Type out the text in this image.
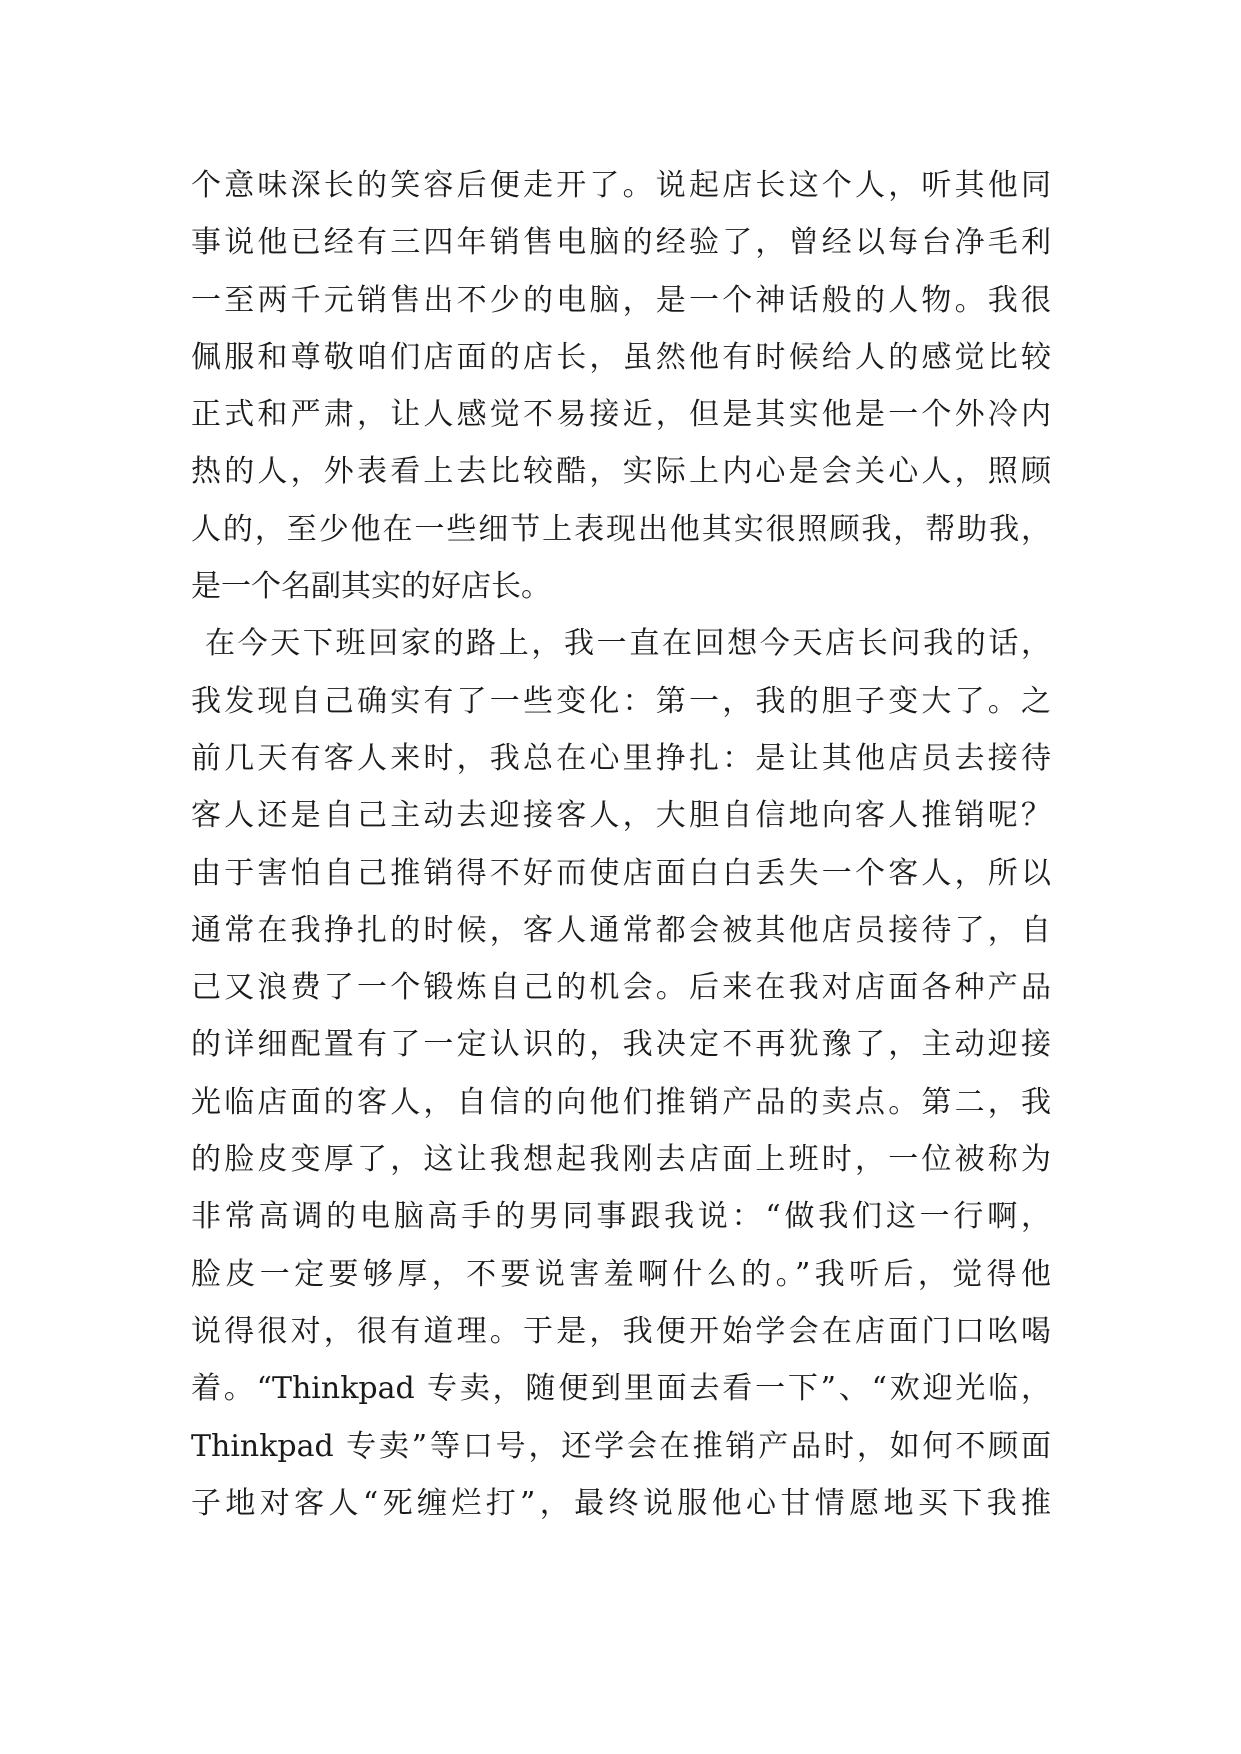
个意味深长的笑容后便走开了。说起店长这个人，听其他同
事说他已经有三四年销售电脑的经验了，曾经以每台净毛利
一至两千元销售出不少的电脑，是一个神话般的人物。我很
佩服和尊敬咱们店面的店长，虽然他有时候给人的感觉比较
正式和严肃，让人感觉不易接近，但是其实他是一个外冷内
热的人，外表看上去比较酷，实际上内心是会关心人，照顾
人的，至少他在一些细节上表现出他其实很照顾我，帮助我，
是一个名副其实的好店长。
在今天下班回家的路上，我一直在回想今天店长问我的话，
我发现自己确实有了一些变化：第一，我的胆子变大了。之
前几天有客人来时，我总在心里挣扎：是让其他店员去接待
客人还是自己主动去迎接客人，大胆自信地向客人推销呢？
由于害怕自己推销得不好而使店面白白丢失一个客人，所以
通常在我挣扎的时候，客人通常都会被其他店员接待了，自
己又浪费了一个锻炼自己的机会。后来在我对店面各种产品
的详细配置有了一定认识的，我决定不再犹豫了，主动迎接
光临店面的客人，自信的向他们推销产品的卖点。第二，我
的脸皮变厚了，这让我想起我刚去店面上班时，一位被称为
非常高调的电脑高手的男同事跟我说：“做我们这一行啊，
脸皮一定要够厚，不要说害羞啊什么的。”我听后，觉得他
说得很对，很有道理。于是，我便开始学会在店面门口吆喝
着。“Thinkpad 专卖，随便到里面去看一下”、“欢迎光临，
Thinkpad 专卖”等口号，还学会在推销产品时，如何不顾面
子地对客人“死缠烂打”，最终说服他心甘情愿地买下我推
